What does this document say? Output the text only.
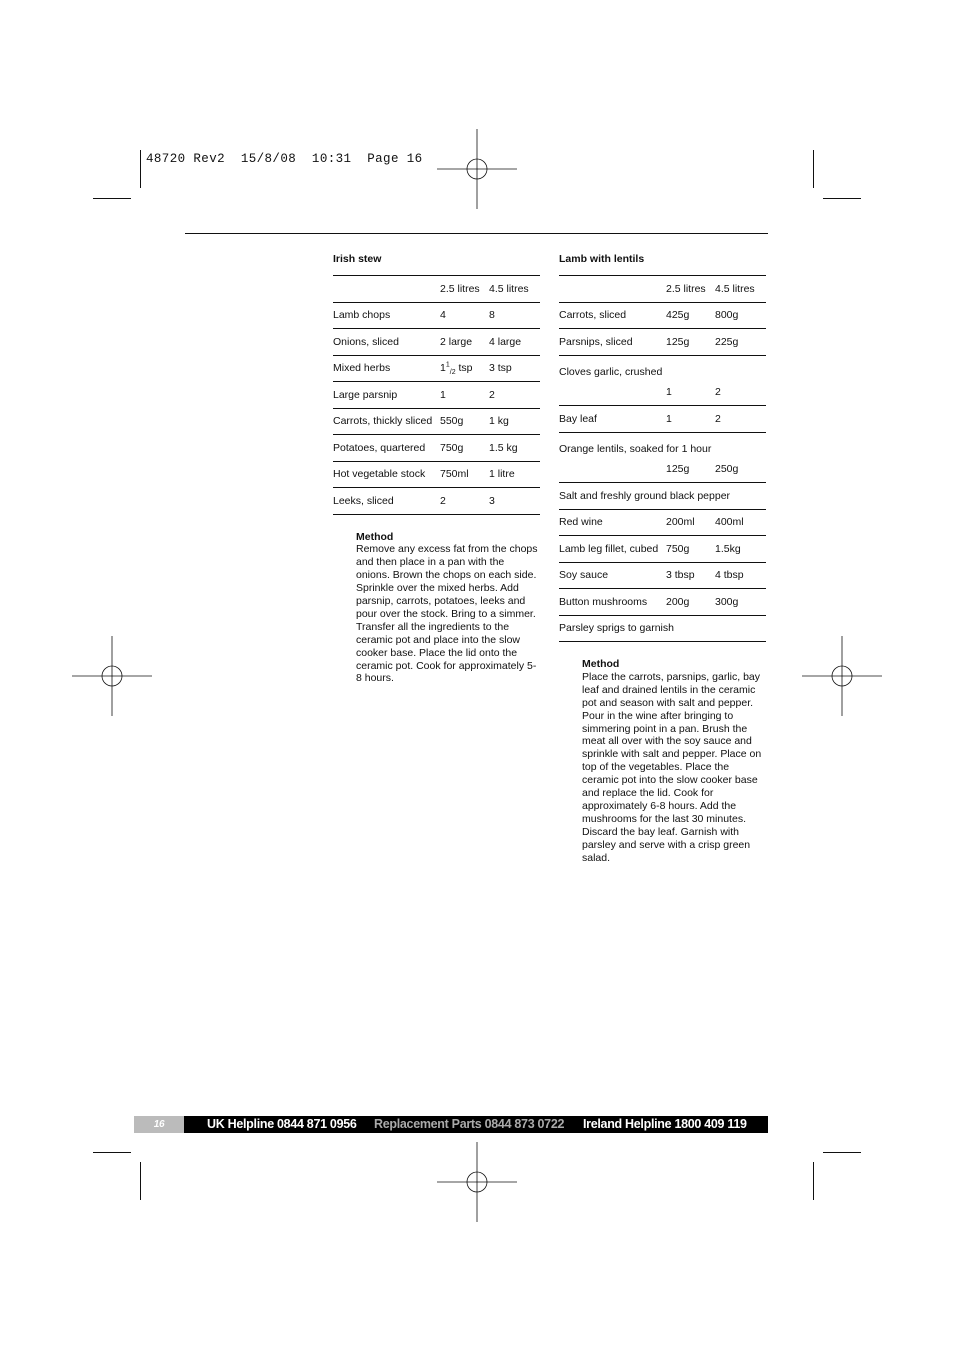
48720 Rev2  15/8/08  10:31  Page 16
Irish stew
	2.5 litres	4.5 litres
Lamb chops	4	8
Onions, sliced	2 large	4 large
Mixed herbs	$1^1_{/2}$ tsp	3 tsp
Large parsnip	1	2
Carrots, thickly sliced	550g	1 kg
Potatoes, quartered	750g	1.5 kg
Hot vegetable stock	750ml	1 litre
Leeks, sliced	2	3
Method
Remove any excess fat from the chops and then place in a pan with the onions. Brown the chops on each side. Sprinkle over the mixed herbs. Add parsnip, carrots, potatoes, leeks and pour over the stock. Bring to a simmer. Transfer all the ingredients to the ceramic pot and place into the slow cooker base. Place the lid onto the ceramic pot. Cook for approximately 5-8 hours.
Lamb with lentils
	2.5 litres	4.5 litres
Carrots, sliced	425g	800g
Parsnips, sliced	125g	225g
Cloves garlic, crushed		
	1	2
Bay leaf	1	2
Orange lentils, soaked for 1 hour		
	125g	250g
Salt and freshly ground black pepper		
Red wine	200ml	400ml
Lamb leg fillet, cubed	750g	1.5kg
Soy sauce	3 tbsp	4 tbsp
Button mushrooms	200g	300g
Parsley sprigs to garnish		
Method
Place the carrots, parsnips, garlic, bay leaf and drained lentils in the ceramic pot and season with salt and pepper. Pour in the wine after bringing to simmering point in a pan. Brush the meat all over with the soy sauce and sprinkle with salt and pepper. Place on top of the vegetables. Place the ceramic pot into the slow cooker base and replace the lid. Cook for approximately 6-8 hours. Add the mushrooms for the last 30 minutes. Discard the bay leaf. Garnish with parsley and serve with a crisp green salad.
16	UK Helpline 0844 871 0956 Replacement Parts 0844 873 0722 Ireland Helpline 1800 409 119
